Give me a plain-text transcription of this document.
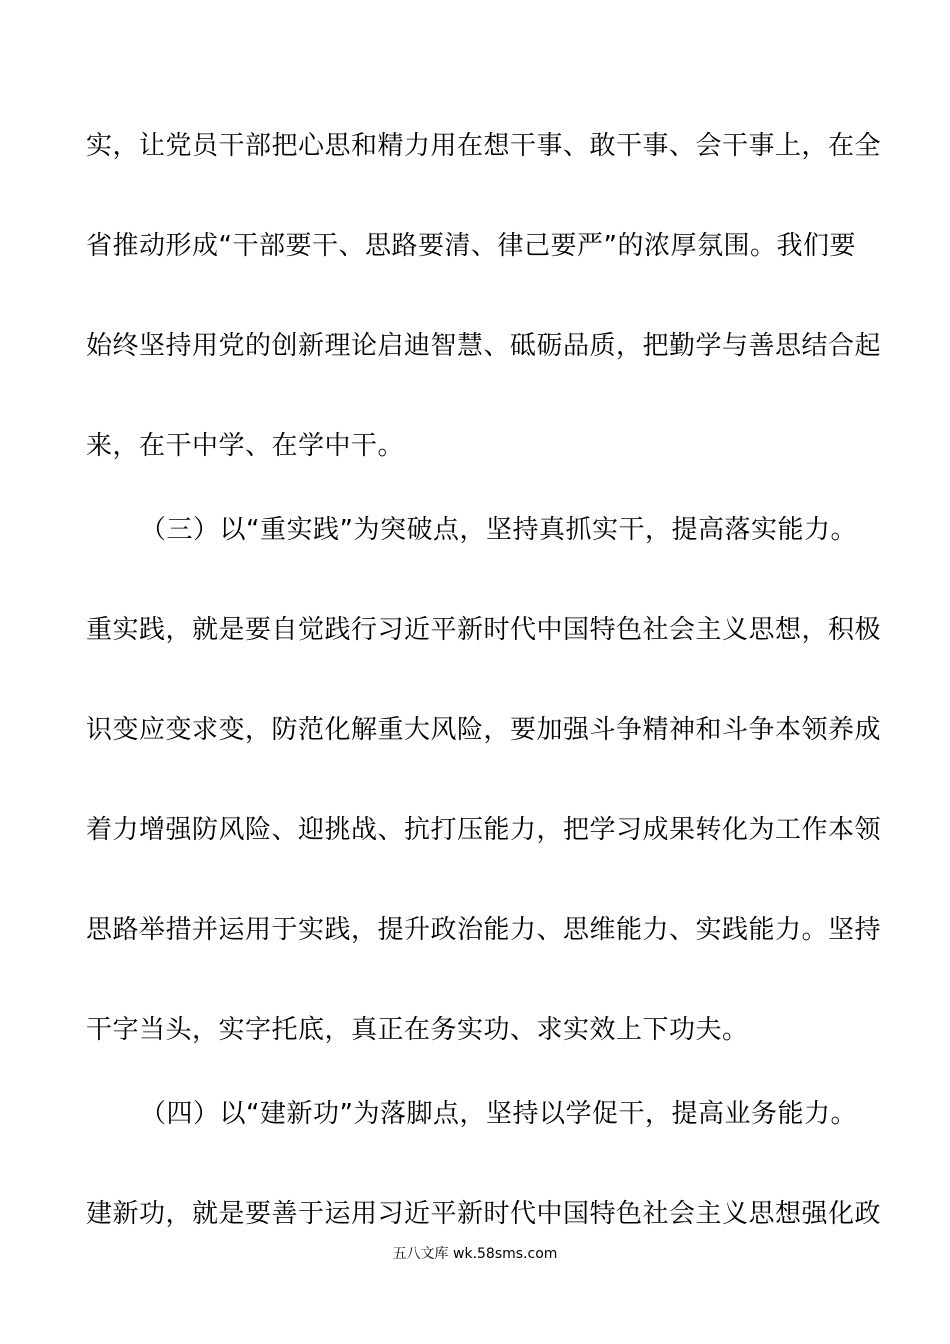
实，让党员干部把心思和精力用在想干事、敢干事、会干事上，在全
省推动形成“干部要干、思路要清、律己要严”的浓厚氛围。我们要
始终坚持用党的创新理论启迪智慧、砥砺品质，把勤学与善思结合起
来，在干中学、在学中干。
（三）以“重实践”为突破点，坚持真抓实干，提高落实能力。
重实践，就是要自觉践行习近平新时代中国特色社会主义思想，积极
识变应变求变，防范化解重大风险，要加强斗争精神和斗争本领养成
着力增强防风险、迎挑战、抗打压能力，把学习成果转化为工作本领
思路举措并运用于实践，提升政治能力、思维能力、实践能力。坚持
干字当头，实字托底，真正在务实功、求实效上下功夫。
（四）以“建新功”为落脚点，坚持以学促干，提高业务能力。
建新功，就是要善于运用习近平新时代中国特色社会主义思想强化政
五八文库 wk.58sms.com
